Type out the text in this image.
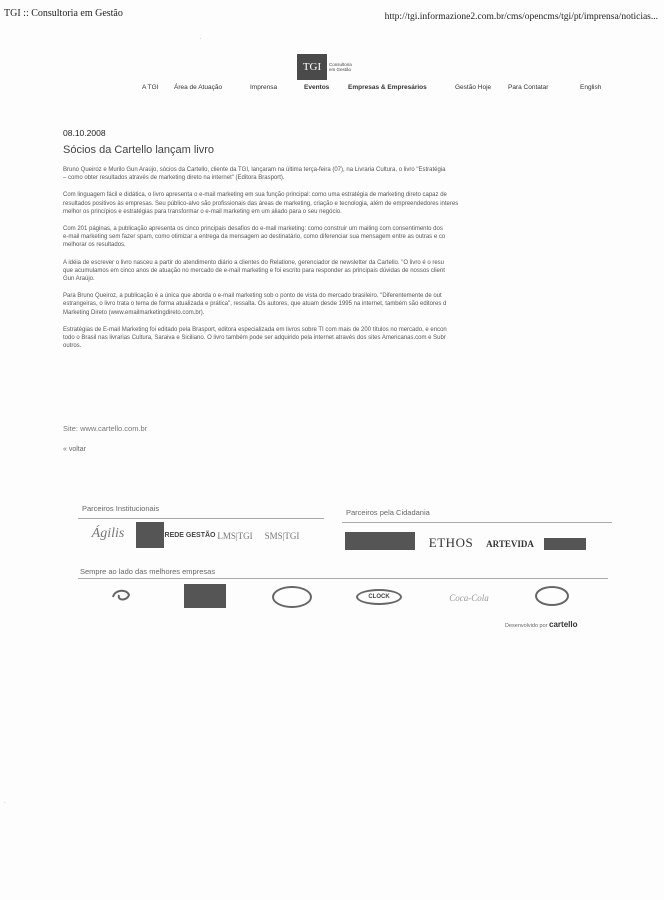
TGI :: Consultoria em Gestão	http://tgi.informazione2.com.br/cms/opencms/tgi/pt/imprensa/noticias...
TGI	Consultoria em Gestão
A TGI Área de Atuação	Imprensa	Eventos	Empresas & Empresários	Gestão Hoje	Para Contatar	English
08.10.2008
Sócios da Cartello lançam livro
Bruno Queiroz e Murilo Gun Araújo, sócios da Cartello, cliente da TGI, lançaram na última terça-feira (07), na Livraria Cultura, o livro "Estratégia
– como obter resultados através de marketing direto na internet" (Editora Brasport).
Com linguagem fácil e didática, o livro apresenta o e-mail marketing em sua função principal: como uma estratégia de marketing direto capaz de
resultados positivos às empresas. Seu público-alvo são profissionais das áreas de marketing, criação e tecnologia, além de empreendedores interes
melhor os princípios e estratégias para transformar o e-mail marketing em um aliado para o seu negócio.
Com 201 páginas, a publicação apresenta os cinco principais desafios do e-mail marketing: como construir um mailing com consentimento dos
e-mail marketing sem fazer spam, como otimizar a entrega da mensagem ao destinatário, como diferenciar sua mensagem entre as outras e co
melhorar os resultados.
A idéia de escrever o livro nasceu a partir do atendimento diário a clientes do Relatione, gerenciador de newsletter da Cartello. "O livro é o resu
que acumulamos em cinco anos de atuação no mercado de e-mail marketing e foi escrito para responder as principais dúvidas de nossos client
Gun Araújo.
Para Bruno Queiroz, a publicação é a única que aborda o e-mail marketing sob o ponto de vista do mercado brasileiro. "Diferentemente de out
estrangeiras, o livro trata o tema de forma atualizada e prática", ressalta. Os autores, que atuam desde 1995 na internet, também são editores d
Marketing Direto (www.emailmarketingdireto.com.br).
Estratégias de E-mail Marketing foi editado pela Brasport, editora especializada em livros sobre TI com mais de 200 títulos no mercado, e encon
todo o Brasil nas livrarias Cultura, Saraiva e Siciliano. O livro também pode ser adquirido pela internet através dos sites Americanas.com e Subr
outros.
Site: www.cartello.com.br
« voltar
Parceiros Institucionais
Ágilis	REDE GESTÃO LMS|TGI	SMS|TGI
Parceiros pela Cidadania
ETHOS	ARTEVIDA
Sempre ao lado das melhores empresas
CLOCK	Coca-Cola
Desenvolvido por cartello
·
·
